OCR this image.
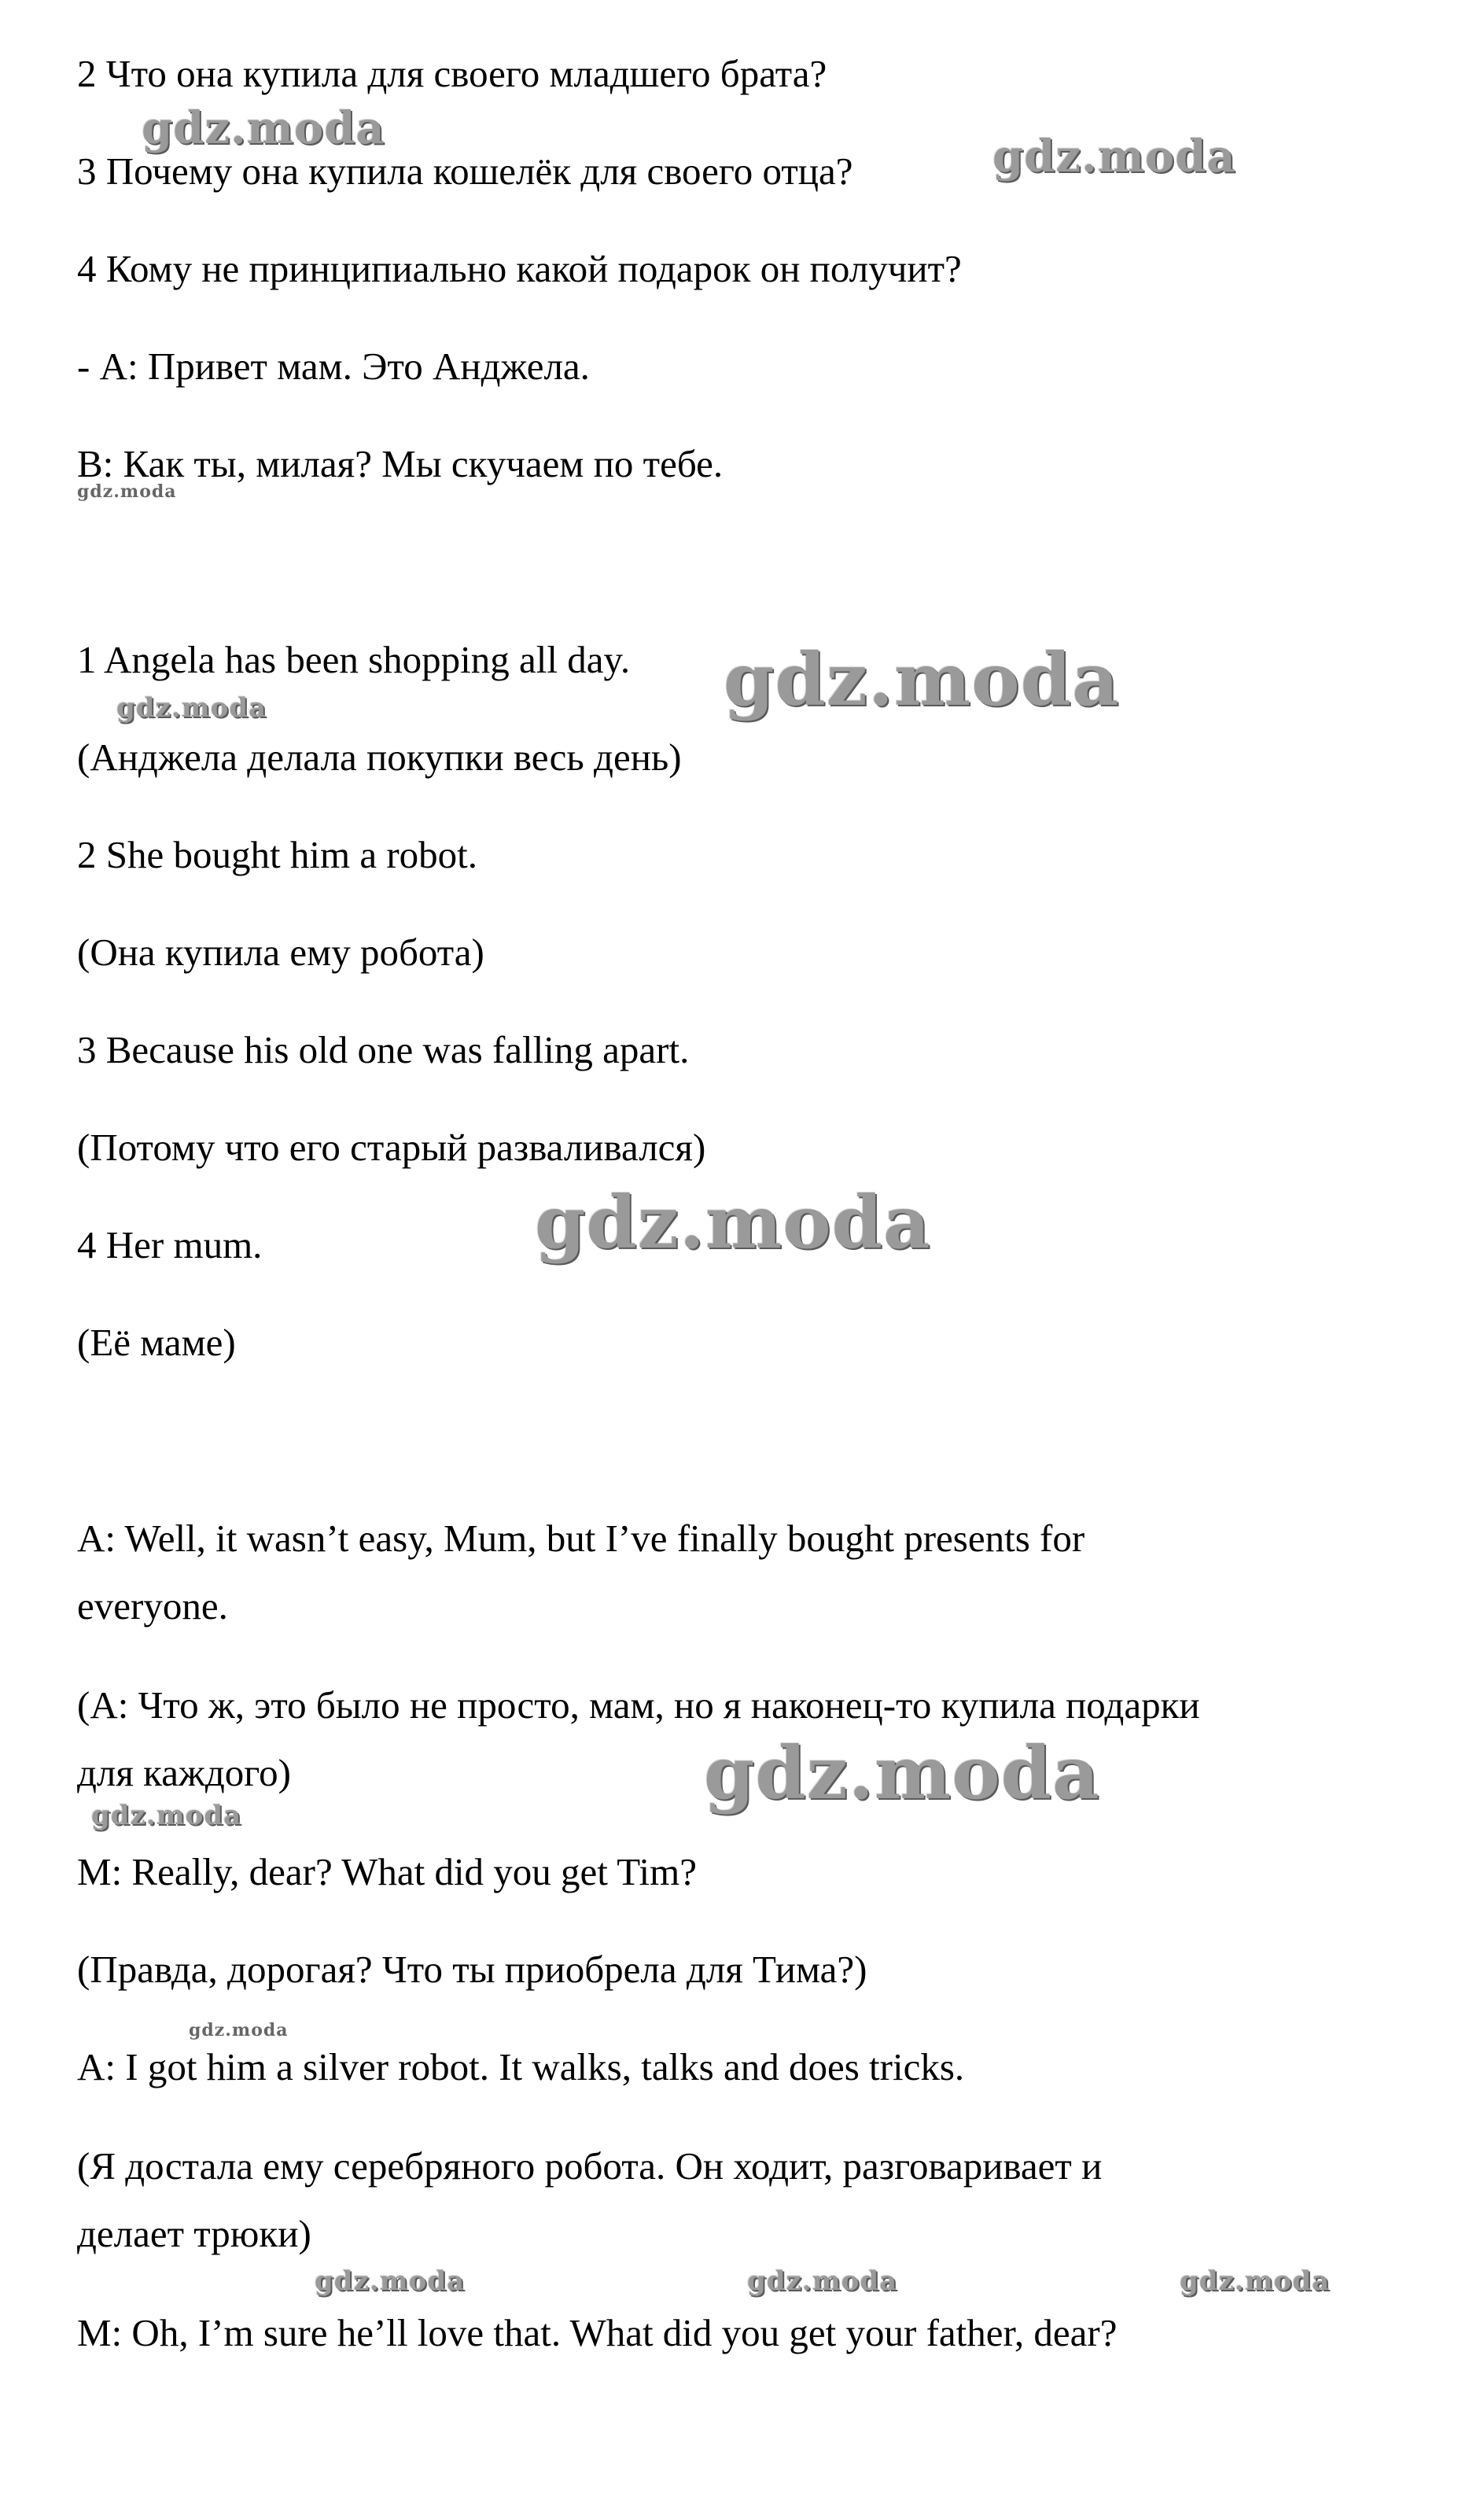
2 Что она купила для своего младшего брата?
3 Почему она купила кошелёк для своего отца?
4 Кому не принципиально какой подарок он получит?
- А: Привет мам. Это Анджела.
В: Как ты, милая? Мы скучаем по тебе.
1 Angela has been shopping all day.
(Анджела делала покупки весь день)
2 She bought him a robot.
(Она купила ему робота)
3 Because his old one was falling apart.
(Потому что его старый разваливался)
4 Her mum.
(Её маме)
A: Well, it wasn’t easy, Mum, but I’ve finally bought presents for
everyone.
(А: Что ж, это было не просто, мам, но я наконец-то купила подарки
для каждого)
M: Really, dear? What did you get Tim?
(Правда, дорогая? Что ты приобрела для Тима?)
A: I got him a silver robot. It walks, talks and does tricks.
(Я достала ему серебряного робота. Он ходит, разговаривает и
делает трюки)
M: Oh, I’m sure he’ll love that. What did you get your father, dear?
gdz.moda
gdz.moda
gdz.moda
gdz.moda
gdz.moda
gdz.moda
gdz.moda
gdz.moda
gdz.moda
gdz.moda	gdz.moda	gdz.moda
